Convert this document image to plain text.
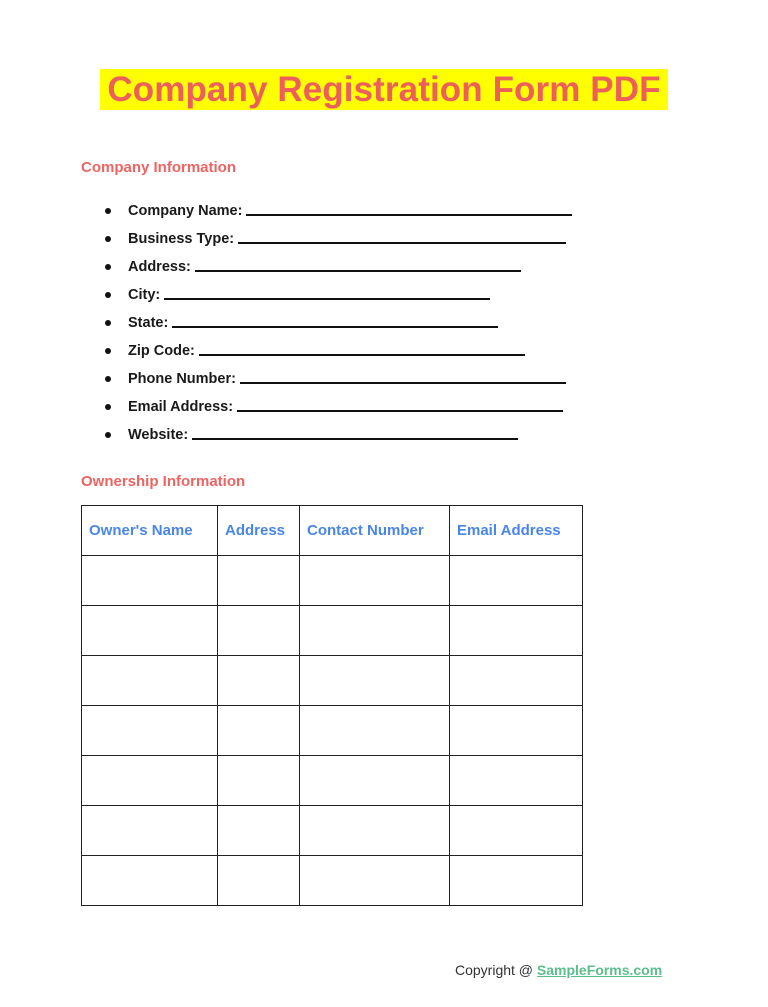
Company Registration Form PDF
Company Information
Company Name:
Business Type:
Address:
City:
State:
Zip Code:
Phone Number:
Email Address:
Website:
Ownership Information
Owner's Name	Address	Contact Number	Email Address

Copyright @ SampleForms.com
